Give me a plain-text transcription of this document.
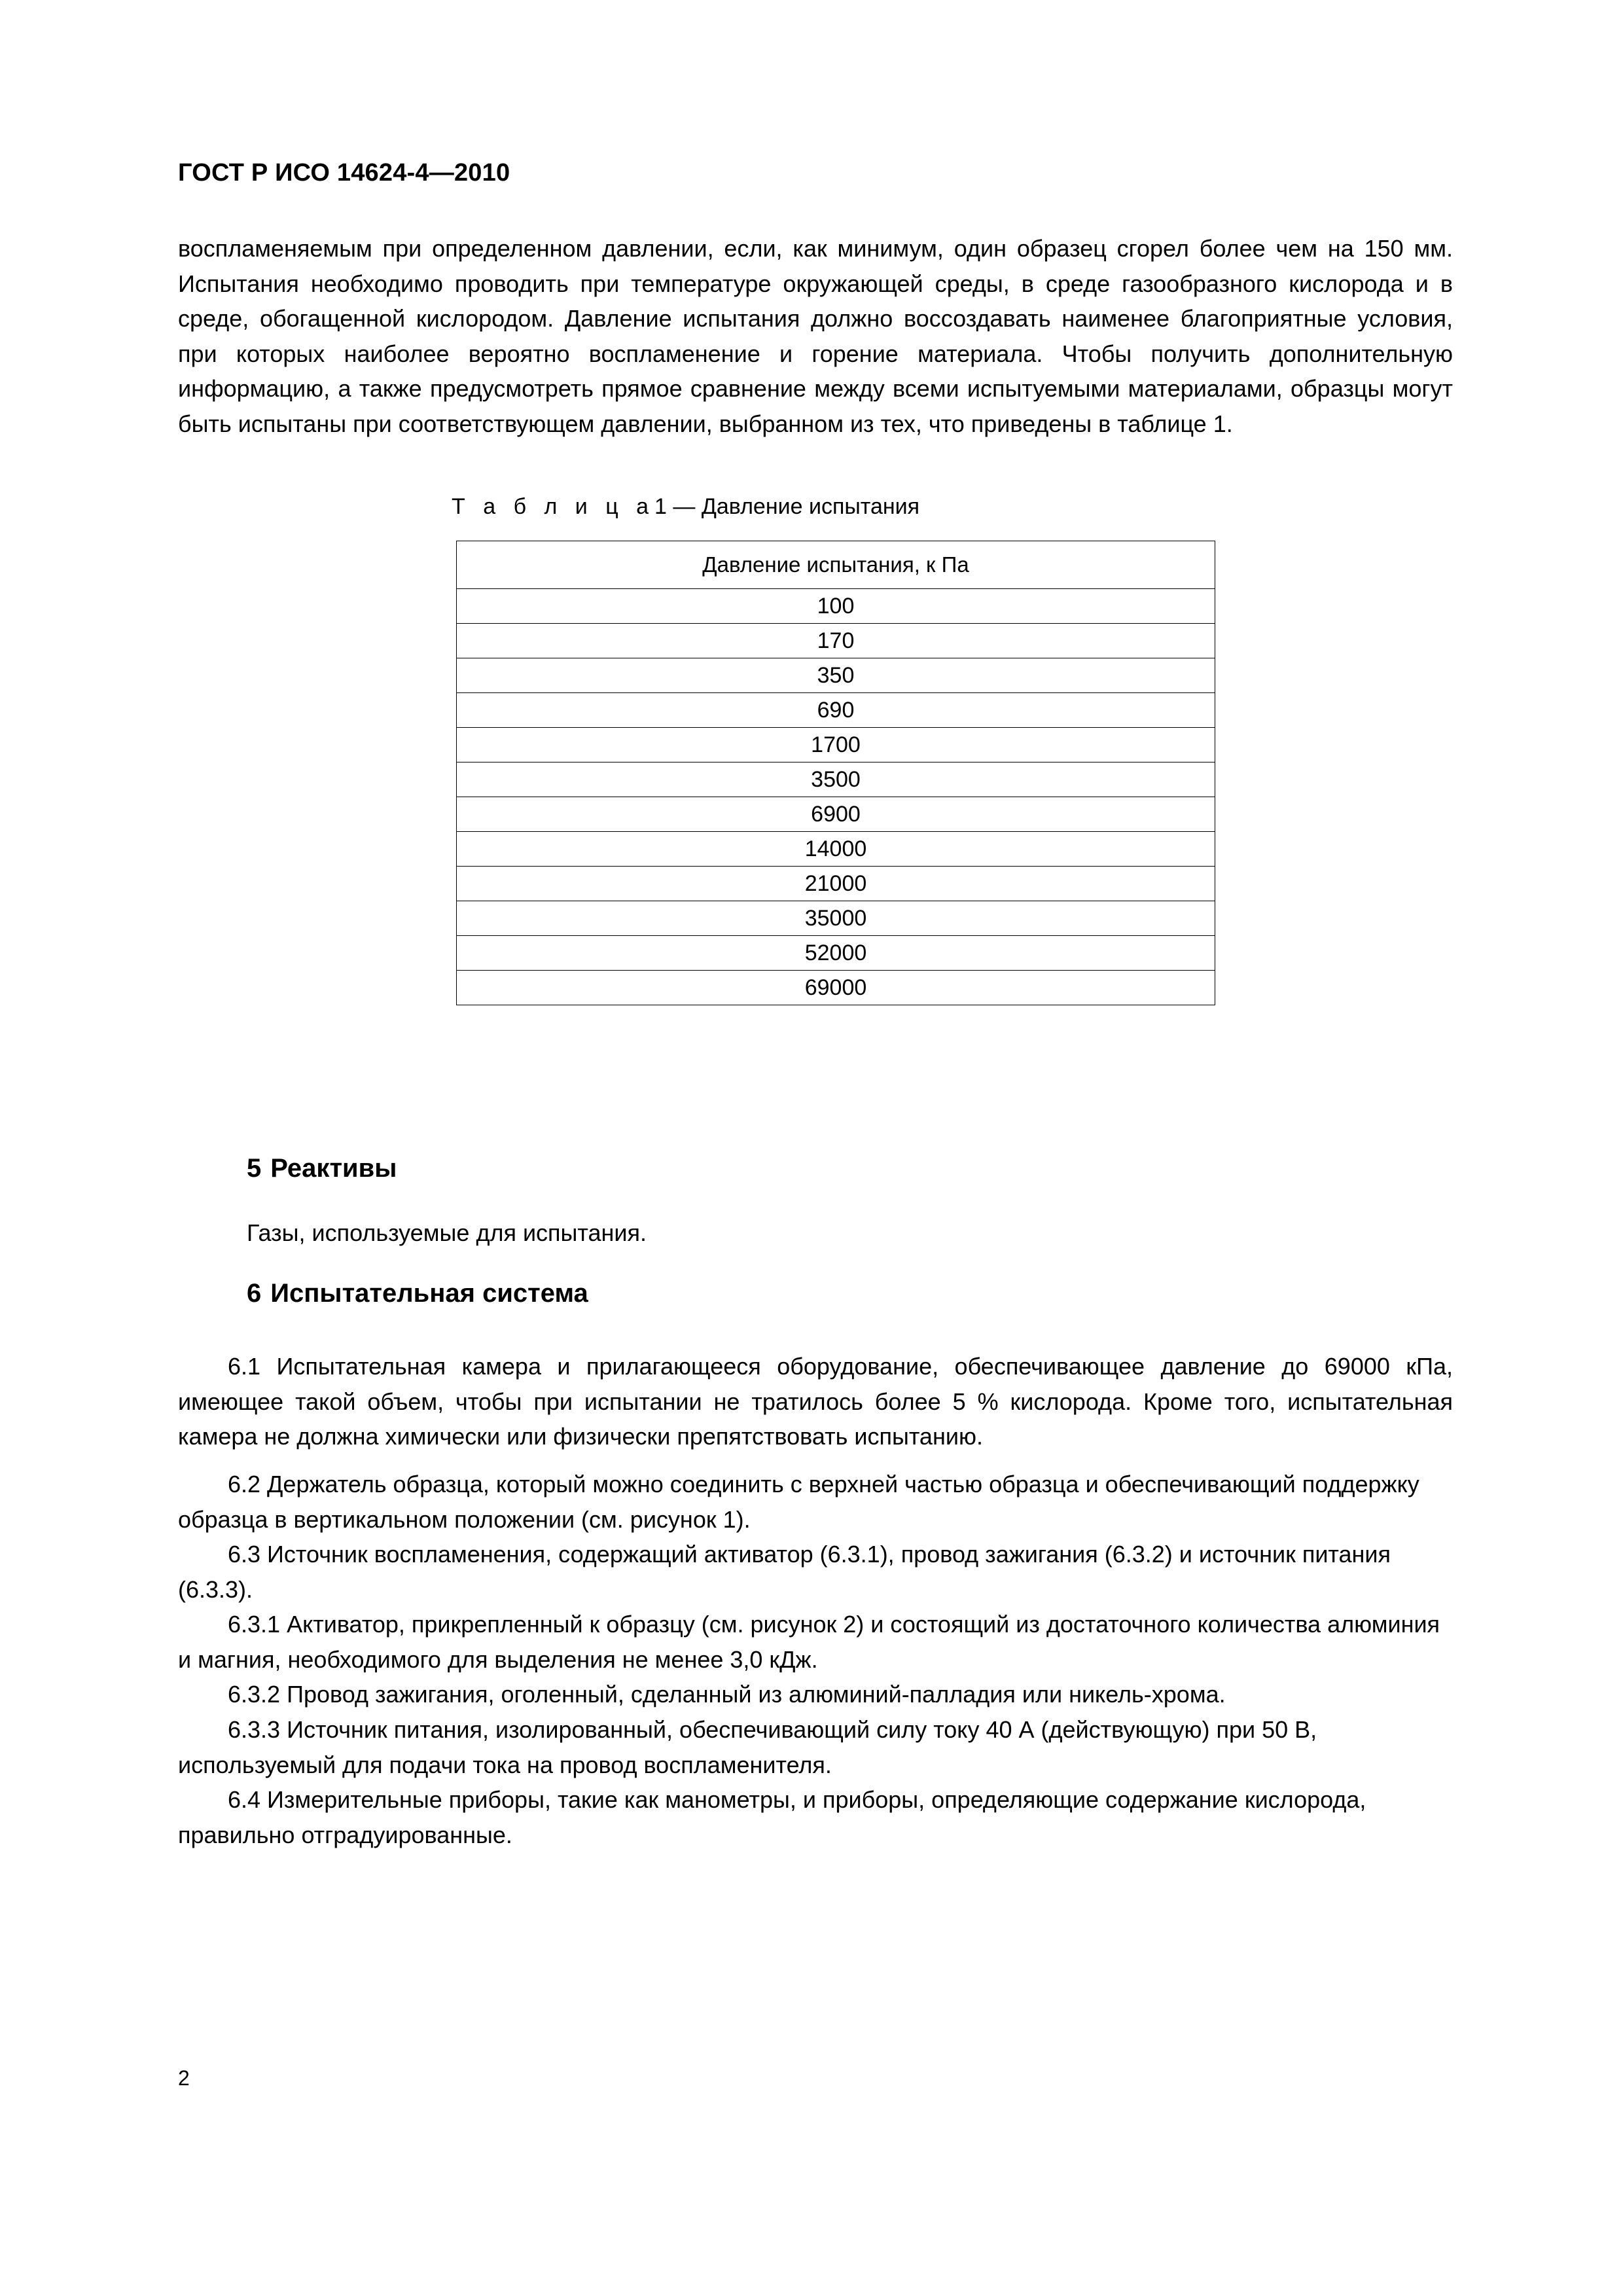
ГОСТ Р ИСО 14624-4—2010

воспламеняемым при определенном давлении, если, как минимум, один образец сгорел более чем на 150 мм. Испытания необходимо проводить при температуре окружающей среды, в среде газообразного кислорода и в среде, обогащенной кислородом. Давление испытания должно воссоздавать наименее благоприятные условия, при которых наиболее вероятно воспламенение и горение материала. Чтобы получить дополнительную информацию, а также предусмотреть прямое сравнение между всеми испытуемыми материалами, образцы могут быть испытаны при соответствующем давлении, выбранном из тех, что приведены в таблице 1.

Т а б л и ц а1 — Давление испытания
Давление испытания, к Па
100
170
350
690
1700
3500
6900
14000
21000
35000
52000
69000
5 Реактивы
Газы, используемые для испытания.
6 Испытательная система

6.1 Испытательная камера и прилагающееся оборудование, обеспечивающее давление до 69000 кПа, имеющее такой объем, чтобы при испытании не тратилось более 5 % кислорода. Кроме того, испытательная камера не должна химически или физически препятствовать испытанию.

6.2 Держатель образца, который можно соединить с верхней частью образца и обеспечивающий поддержку образца в вертикальном положении (см. рисунок 1).

6.3 Источник воспламенения, содержащий активатор (6.3.1), провод зажигания (6.3.2) и источник питания (6.3.3).

6.3.1 Активатор, прикрепленный к образцу (см. рисунок 2) и состоящий из достаточного количества алюминия и магния, необходимого для выделения не менее 3,0 кДж.

6.3.2 Провод зажигания, оголенный, сделанный из алюминий-палладия или никель-хрома.

6.3.3 Источник питания, изолированный, обеспечивающий силу току 40 А (действующую) при 50 В, используемый для подачи тока на провод воспламенителя.

6.4 Измерительные приборы, такие как манометры, и приборы, определяющие содержание кислорода, правильно отградуированные.

2
